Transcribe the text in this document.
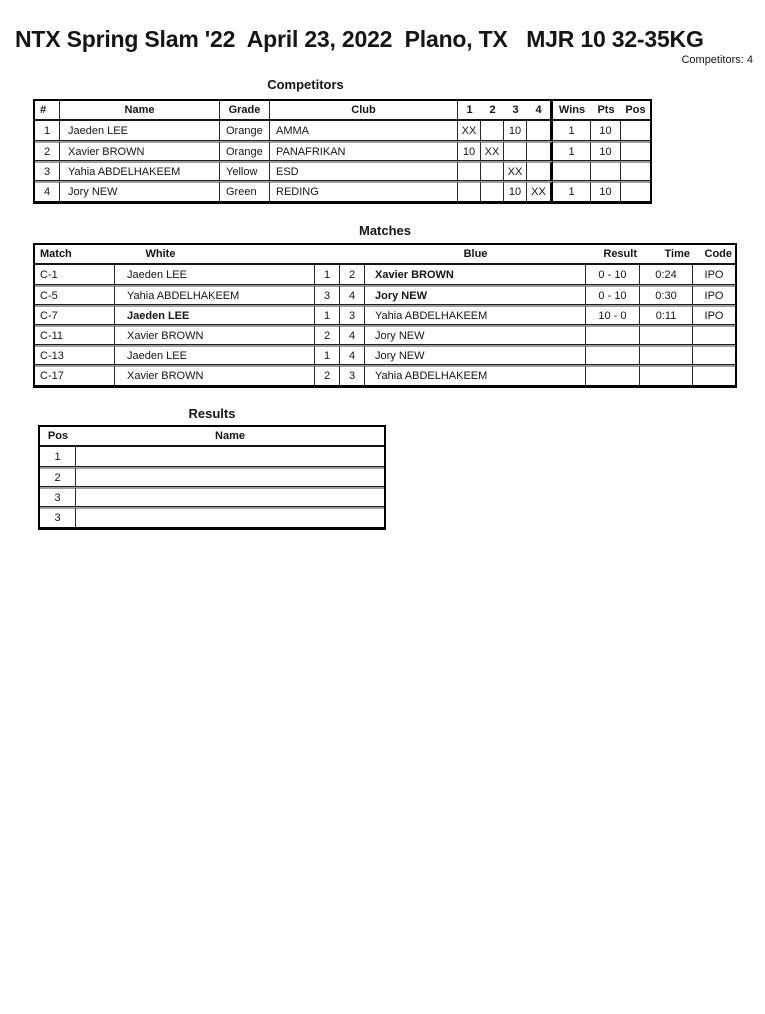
NTX Spring Slam '22  April 23, 2022  Plano, TX   MJR 10 32-35KG
Competitors: 4
Competitors
#	Name	Grade	Club	1	2	3	4	Wins	Pts	Pos
1	Jaeden LEE	Orange	AMMA	XX		10		1	10	
2	Xavier BROWN	Orange	PANAFRIKAN	10	XX			1	10	
3	Yahia ABDELHAKEEM	Yellow	ESD			XX				
4	Jory NEW	Green	REDING			10	XX	1	10	
Matches
Match	White			Blue	Result	Time	Code
C-1	Jaeden LEE	1	2	Xavier BROWN	0 - 10	0:24	IPO
C-5	Yahia ABDELHAKEEM	3	4	Jory NEW	0 - 10	0:30	IPO
C-7	Jaeden LEE	1	3	Yahia ABDELHAKEEM	10 - 0	0:11	IPO
C-11	Xavier BROWN	2	4	Jory NEW			
C-13	Jaeden LEE	1	4	Jory NEW			
C-17	Xavier BROWN	2	3	Yahia ABDELHAKEEM			
Results
Pos	Name
1	
2	
3	
3	
